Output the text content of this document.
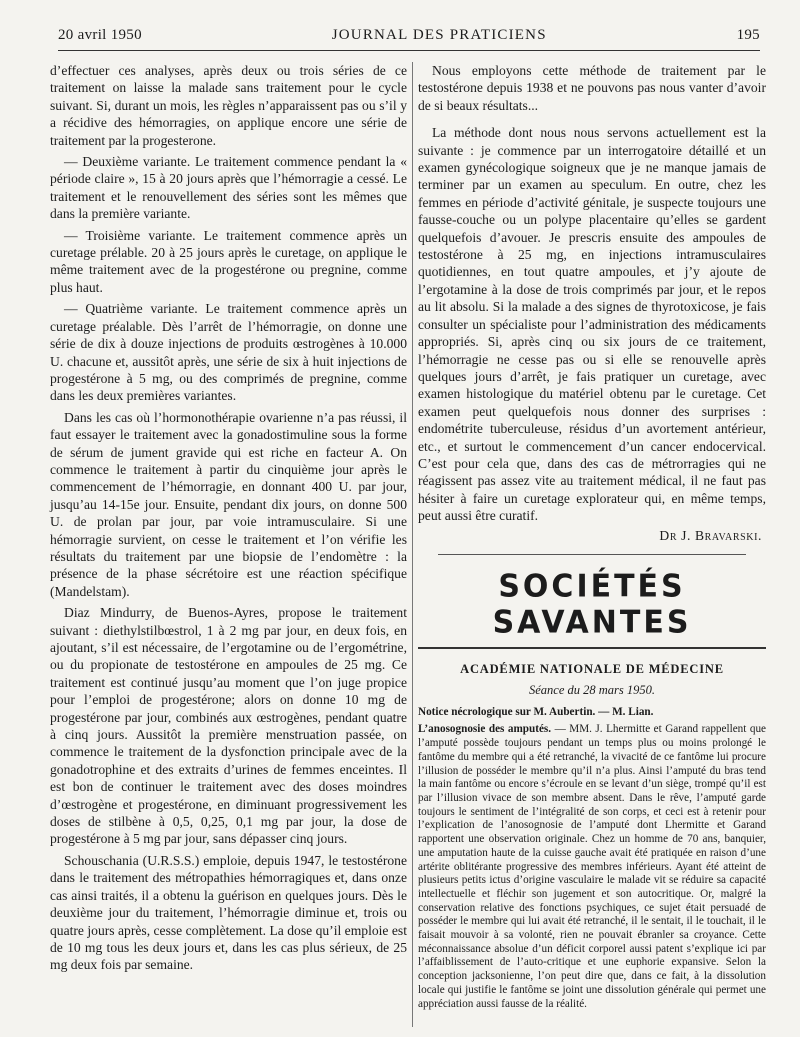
20 avril 1950	JOURNAL DES PRATICIENS	195

d’effectuer ces analyses, après deux ou trois séries de ce traitement on laisse la malade sans traitement pour le cycle suivant. Si, durant un mois, les règles n’apparaissent pas ou s’il y a récidive des hémorragies, on applique encore une série de traitement par la progesterone.

— Deuxième variante. Le traitement commence pendant la « période claire », 15 à 20 jours après que l’hémorragie a cessé. Le traitement et le renouvellement des séries sont les mêmes que dans la première variante.

— Troisième variante. Le traitement commence après un curetage prélable. 20 à 25 jours après le curetage, on applique le même traitement avec de la progestérone ou pregnine, comme plus haut.

— Quatrième variante. Le traitement commence après un curetage préalable. Dès l’arrêt de l’hémorragie, on donne une série de dix à douze injections de produits œstrogènes à 10.000 U. chacune et, aussitôt après, une série de six à huit injections de progestérone à 5 mg, ou des comprimés de pregnine, comme dans les deux premières variantes.

Dans les cas où l’hormonothérapie ovarienne n’a pas réussi, il faut essayer le traitement avec la gonadostimuline sous la forme de sérum de jument gravide qui est riche en facteur A. On commence le traitement à partir du cinquième jour après le commencement de l’hémorragie, en donnant 400 U. par jour, jusqu’au 14-15e jour. Ensuite, pendant dix jours, on donne 500 U. de prolan par jour, par voie intramusculaire. Si une hémorragie survient, on cesse le traitement et l’on vérifie les résultats du traitement par une biopsie de l’endomètre : la présence de la phase sécrétoire est une réaction spécifique (Mandelstam).

Diaz Mindurry, de Buenos-Ayres, propose le traitement suivant : diethylstilbœstrol, 1 à 2 mg par jour, en deux fois, en ajoutant, s’il est nécessaire, de l’ergotamine ou de l’ergométrine, ou du propionate de testostérone en ampoules de 25 mg. Ce traitement est continué jusqu’au moment que l’on juge propice pour l’emploi de progestérone; alors on donne 10 mg de progestérone par jour, combinés aux œstrogènes, pendant quatre à cinq jours. Aussitôt la première menstruation passée, on commence le traitement de la dysfonction principale avec de la gonadotrophine et des extraits d’urines de femmes enceintes. Il est bon de continuer le traitement avec des doses moindres d’œstrogène et progestérone, en diminuant progressivement les doses de stilbène à 0,5, 0,25, 0,1 mg par jour, la dose de progestérone à 5 mg par jour, sans dépasser cinq jours.

Schouschania (U.R.S.S.) emploie, depuis 1947, le testostérone dans le traitement des métropathies hémorragiques et, dans onze cas ainsi traités, il a obtenu la guérison en quelques jours. Dès le deuxième jour du traitement, l’hémorragie diminue et, trois ou quatre jours après, cesse complètement. La dose qu’il emploie est de 10 mg tous les deux jours et, dans les cas plus sérieux, de 25 mg deux fois par semaine.

Nous employons cette méthode de traitement par le testostérone depuis 1938 et ne pouvons pas nous vanter d’avoir de si beaux résultats...

La méthode dont nous nous servons actuellement est la suivante : je commence par un interrogatoire détaillé et un examen gynécologique soigneux que je ne manque jamais de terminer par un examen au speculum. En outre, chez les femmes en période d’activité génitale, je suspecte toujours une fausse-couche ou un polype placentaire qu’elles se gardent quelquefois d’avouer. Je prescris ensuite des ampoules de testostérone à 25 mg, en injections intramusculaires quotidiennes, en tout quatre ampoules, et j’y ajoute de l’ergotamine à la dose de trois comprimés par jour, et le repos au lit absolu. Si la malade a des signes de thyrotoxicose, je fais consulter un spécialiste pour l’administration des médicaments appropriés. Si, après cinq ou six jours de ce traitement, l’hémorragie ne cesse pas ou si elle se renouvelle après quelques jours d’arrêt, je fais pratiquer un curetage, avec examen histologique du matériel obtenu par le curetage. Cet examen peut quelquefois nous donner des surprises : endométrite tuberculeuse, résidus d’un avortement antérieur, etc., et surtout le commencement d’un cancer endocervical. C’est pour cela que, dans des cas de métrorragies qui ne réagissent pas assez vite au traitement médical, il ne faut pas hésiter à faire un curetage explorateur qui, en même temps, peut aussi être curatif.

Dr J. Bravarski.
SOCIÉTÉS SAVANTES
ACADÉMIE NATIONALE DE MÉDECINE
Séance du 28 mars 1950.

Notice nécrologique sur M. Aubertin. — M. Lian.

L’anosognosie des amputés. — MM. J. Lhermitte et Garand rappellent que l’amputé possède toujours pendant un temps plus ou moins prolongé le fantôme du membre qui a été retranché, la vivacité de ce fantôme lui procure l’illusion de posséder le membre qu’il n’a plus. Ainsi l’amputé du bras tend la main fantôme ou encore s’écroule en se levant d’un siège, trompé qu’il est par l’illusion vivace de son membre absent. Dans le rêve, l’amputé garde toujours le sentiment de l’intégralité de son corps, et ceci est à retenir pour l’explication de l’anosognosie de l’amputé dont Lhermitte et Garand rapportent une observation originale. Chez un homme de 70 ans, banquier, une amputation haute de la cuisse gauche avait été pratiquée en raison d’une artérite oblitérante progressive des membres inférieurs. Ayant été atteint de plusieurs petits ictus d’origine vasculaire le malade vit se réduire sa capacité intellectuelle et fléchir son jugement et son autocritique. Or, malgré la conservation relative des fonctions psychiques, ce sujet était persuadé de posséder le membre qui lui avait été retranché, il le sentait, il le touchait, il le faisait mouvoir à sa volonté, rien ne pouvait ébranler sa croyance. Cette méconnaissance absolue d’un déficit corporel aussi patent s’explique ici par l’affaiblissement de l’auto-critique et une euphorie expansive. Selon la conception jacksonienne, l’on peut dire que, dans ce fait, à la dissolution locale qui justifie le fantôme se joint une dissolution générale qui permet une appréciation aussi fausse de la réalité.
